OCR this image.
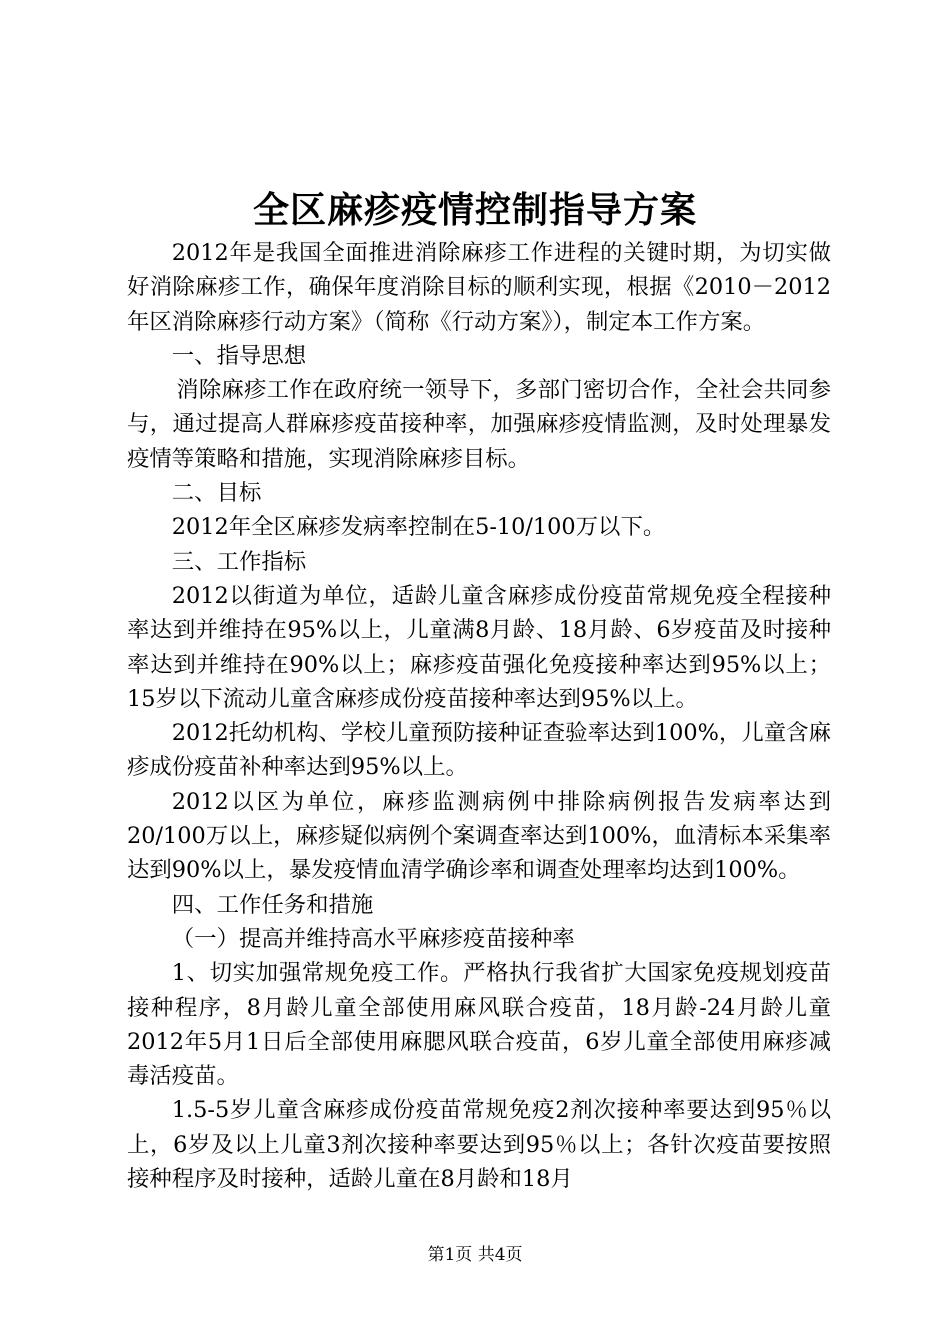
全区麻疹疫情控制指导方案

2012年是我国全面推进消除麻疹工作进程的关键时期，为切实做好消除麻疹工作，确保年度消除目标的顺利实现，根据《2010－2012年区消除麻疹行动方案》（简称《行动方案》），制定本工作方案。

一、指导思想

消除麻疹工作在政府统一领导下，多部门密切合作，全社会共同参与，通过提高人群麻疹疫苗接种率，加强麻疹疫情监测，及时处理暴发疫情等策略和措施，实现消除麻疹目标。

二、目标

2012年全区麻疹发病率控制在5-10/100万以下。

三、工作指标

2012以街道为单位，适龄儿童含麻疹成份疫苗常规免疫全程接种率达到并维持在95%以上，儿童满8月龄、18月龄、6岁疫苗及时接种率达到并维持在90%以上；麻疹疫苗强化免疫接种率达到95%以上；15岁以下流动儿童含麻疹成份疫苗接种率达到95%以上。

2012托幼机构、学校儿童预防接种证查验率达到100%，儿童含麻疹成份疫苗补种率达到95%以上。

2012以区为单位，麻疹监测病例中排除病例报告发病率达到20/100万以上，麻疹疑似病例个案调查率达到100%，血清标本采集率达到90%以上，暴发疫情血清学确诊率和调查处理率均达到100%。

四、工作任务和措施

（一）提高并维持高水平麻疹疫苗接种率

1、切实加强常规免疫工作。严格执行我省扩大国家免疫规划疫苗接种程序，8月龄儿童全部使用麻风联合疫苗，18月龄-24月龄儿童2012年5月1日后全部使用麻腮风联合疫苗，6岁儿童全部使用麻疹减毒活疫苗。

1.5-5岁儿童含麻疹成份疫苗常规免疫2剂次接种率要达到95％以上，6岁及以上儿童3剂次接种率要达到95％以上；各针次疫苗要按照接种程序及时接种，适龄儿童在8月龄和18月

第1页 共4页
